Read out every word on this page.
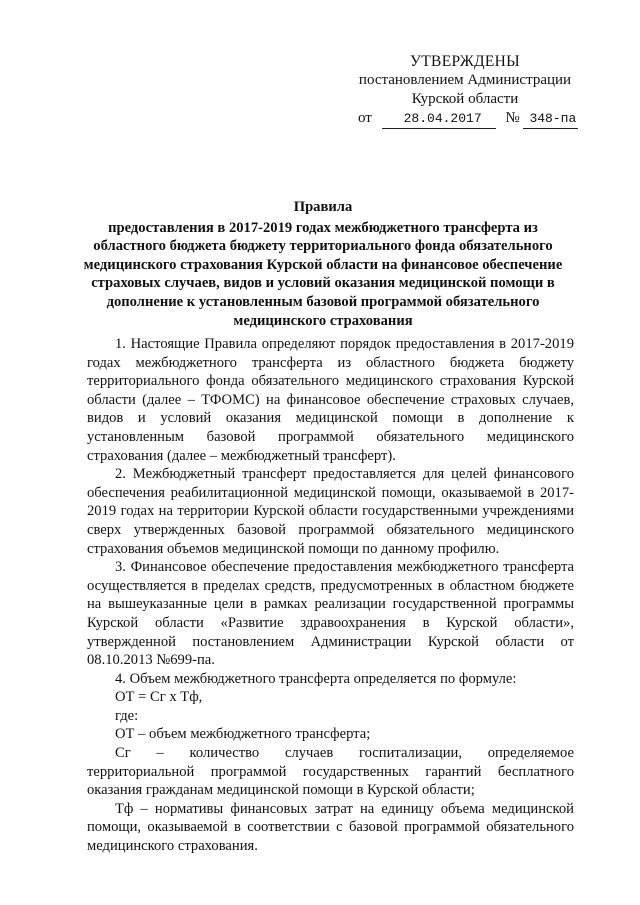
УТВЕРЖДЕНЫ
постановлением Администрации
Курской области
от 28.04.2017 № 348-па
Правила
предоставления в 2017-2019 годах межбюджетного трансферта из областного бюджета бюджету территориального фонда обязательного медицинского страхования Курской области на финансовое обеспечение страховых случаев, видов и условий оказания медицинской помощи в дополнение к установленным базовой программой обязательного медицинского страхования

1. Настоящие Правила определяют порядок предоставления в 2017-2019 годах межбюджетного трансферта из областного бюджета бюджету территориального фонда обязательного медицинского страхования Курской области (далее – ТФОМС) на финансовое обеспечение страховых случаев, видов и условий оказания медицинской помощи в дополнение к установленным базовой программой обязательного медицинского страхования (далее – межбюджетный трансферт).

2. Межбюджетный трансферт предоставляется для целей финансового обеспечения реабилитационной медицинской помощи, оказываемой в 2017-2019 годах на территории Курской области государственными учреждениями сверх утвержденных базовой программой обязательного медицинского страхования объемов медицинской помощи по данному профилю.

3. Финансовое обеспечение предоставления межбюджетного трансферта осуществляется в пределах средств, предусмотренных в областном бюджете на вышеуказанные цели в рамках реализации государственной программы Курской области «Развитие здравоохранения в Курской области», утвержденной постановлением Администрации Курской области от 08.10.2013 №699-па.

4. Объем межбюджетного трансферта определяется по формуле:

ОТ = Сг х Тф,

где:

ОТ – объем межбюджетного трансферта;

Сг – количество случаев госпитализации, определяемое территориальной программой государственных гарантий бесплатного оказания гражданам медицинской помощи в Курской области;

Тф – нормативы финансовых затрат на единицу объема медицинской помощи, оказываемой в соответствии с базовой программой обязательного медицинского страхования.
